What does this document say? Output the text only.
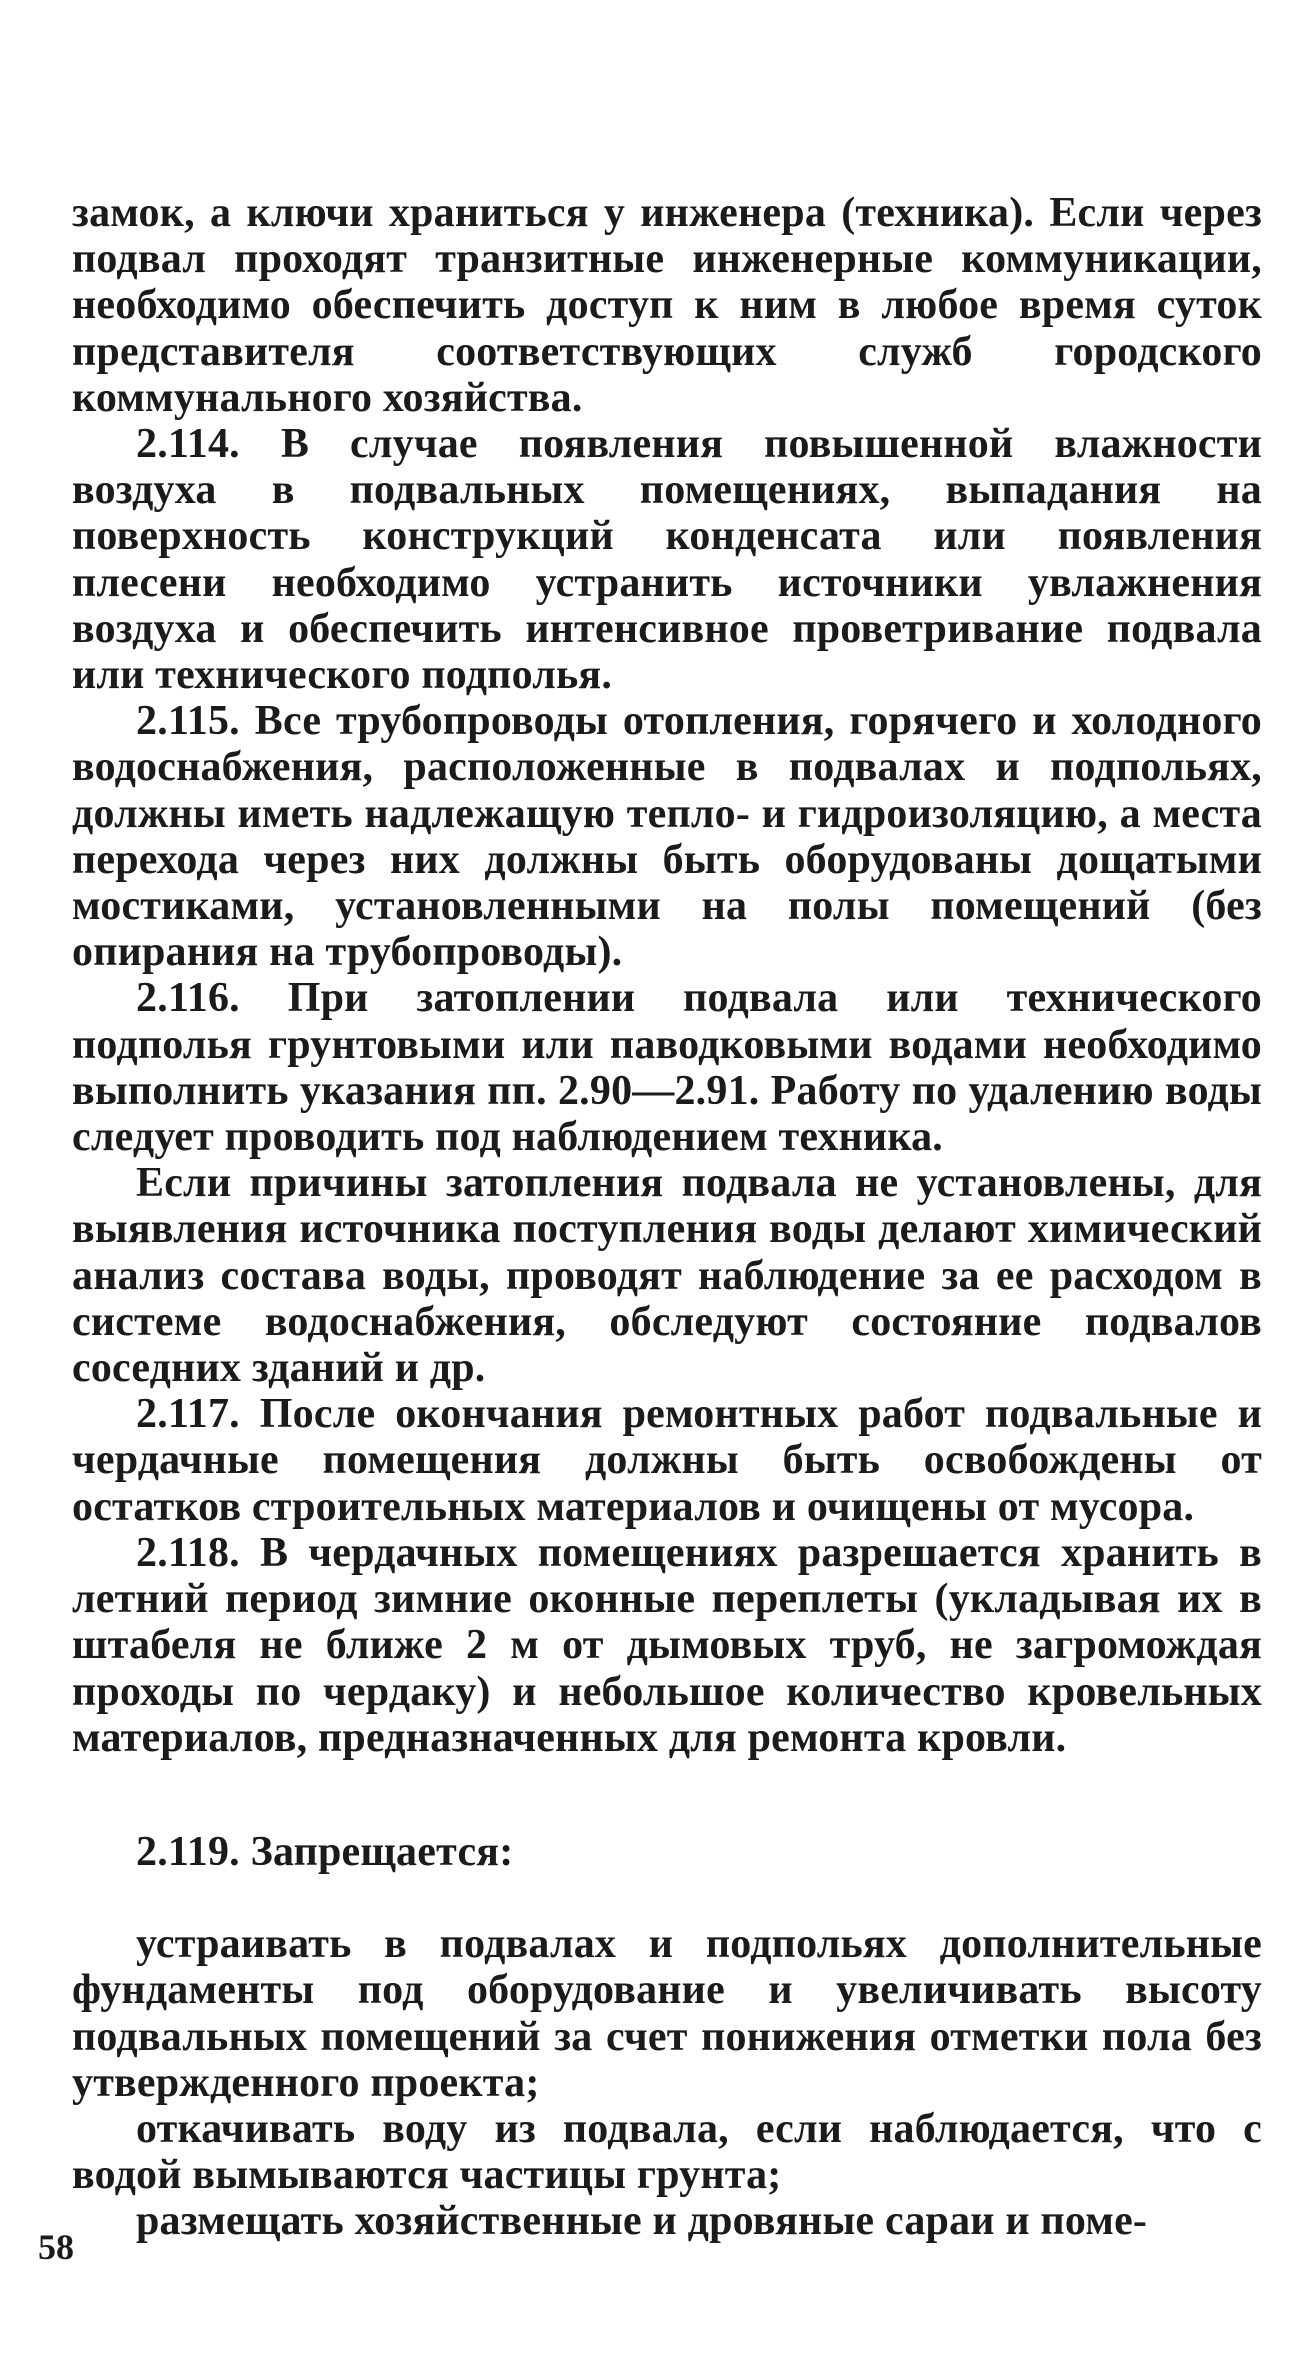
замок, а ключи храниться у инженера (техника). Если через подвал проходят транзитные инженерные коммуникации, необходимо обеспечить доступ к ним в любое время суток представителя соответствующих служб городского коммунального хозяйства.

2.114. В случае появления повышенной влажности воздуха в подвальных помещениях, выпадания на поверхность конструкций конденсата или появления плесени необходимо устранить источники увлажнения воздуха и обеспечить интенсивное проветривание подвала или технического подполья.

2.115. Все трубопроводы отопления, горячего и холодного водоснабжения, расположенные в подвалах и подпольях, должны иметь надлежащую тепло- и гидроизоляцию, а места перехода через них должны быть оборудованы дощатыми мостиками, установленными на полы помещений (без опирания на трубопроводы).

2.116. При затоплении подвала или технического подполья грунтовыми или паводковыми водами необходимо выполнить указания пп. 2.90—2.91. Работу по удалению воды следует проводить под наблюдением техника.

Если причины затопления подвала не установлены, для выявления источника поступления воды делают химический анализ состава воды, проводят наблюдение за ее расходом в системе водоснабжения, обследуют состояние подвалов соседних зданий и др.

2.117. После окончания ремонтных работ подвальные и чердачные помещения должны быть освобождены от остатков строительных материалов и очищены от мусора.

2.118. В чердачных помещениях разрешается хранить в летний период зимние оконные переплеты (укладывая их в штабеля не ближе 2 м от дымовых труб, не загромождая проходы по чердаку) и небольшое количество кровельных материалов, предназначенных для ремонта кровли.

2.119. Запрещается:

устраивать в подвалах и подпольях дополнительные фундаменты под оборудование и увеличивать высоту подвальных помещений за счет понижения отметки пола без утвержденного проекта;

откачивать воду из подвала, если наблюдается, что с водой вымываются частицы грунта;

размещать хозяйственные и дровяные сараи и поме-

58
